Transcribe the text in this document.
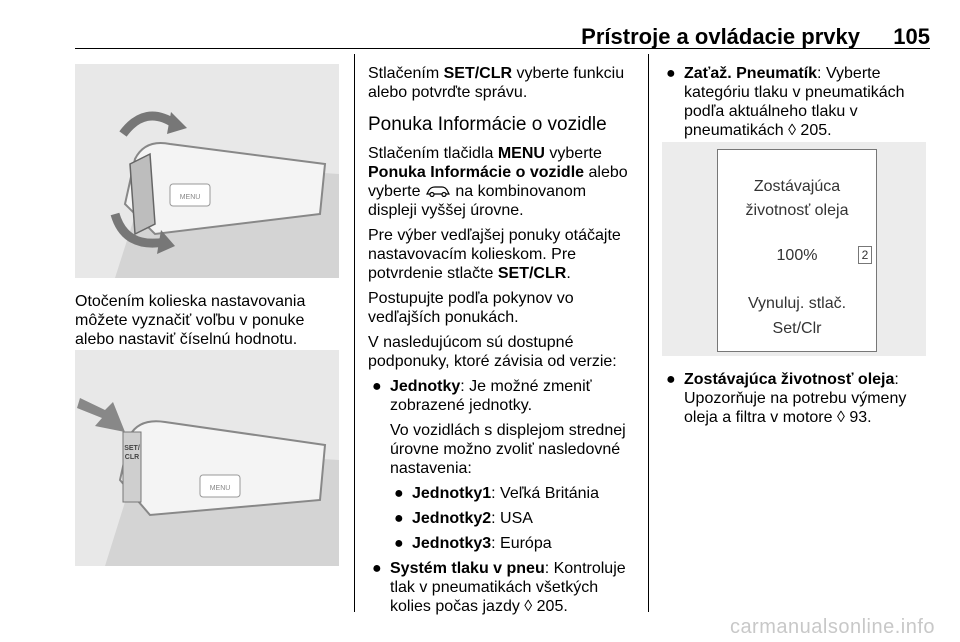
Prístroje a ovládacie prvky	105
MENU
Otočením kolieska nastavovania
môžete vyznačiť voľbu v ponuke
alebo nastaviť číselnú hodnotu.
SET/
CLR
MENU

Stlačením SET/CLR vyberte funkciu alebo potvrďte správu.

Ponuka Informácie o vozidle

Stlačením tlačidla MENU vyberte Ponuka Informácie o vozidle alebo vyberte  na kombinovanom displeji vyššej úrovne.

Pre výber vedľajšej ponuky otáčajte nastavovacím kolieskom. Pre potvrdenie stlačte SET/CLR.

Postupujte podľa pokynov vo vedľajších ponukách.

V nasledujúcom sú dostupné podponuky, ktoré závisia od verzie:

● Jednotky: Je možné zmeniť zobrazené jednotky.

Vo vozidlách s displejom strednej úrovne možno zvoliť nasledovné nastavenia:

● Jednotky1: Veľká Británia
● Jednotky2: USA
● Jednotky3: Európa
● Systém tlaku v pneu: Kontroluje tlak v pneumatikách všetkých kolies počas jazdy ◊ 205.
● Zaťaž. Pneumatík: Vyberte kategóriu tlaku v pneumatikách podľa aktuálneho tlaku v pneumatikách ◊ 205.
Zostávajúca
životnosť oleja
2
100%
Vynuluj. stlač.
Set/Clr
● Zostávajúca životnosť oleja: Upozorňuje na potrebu výmeny oleja a filtra v motore ◊ 93.
carmanualsonline.info
